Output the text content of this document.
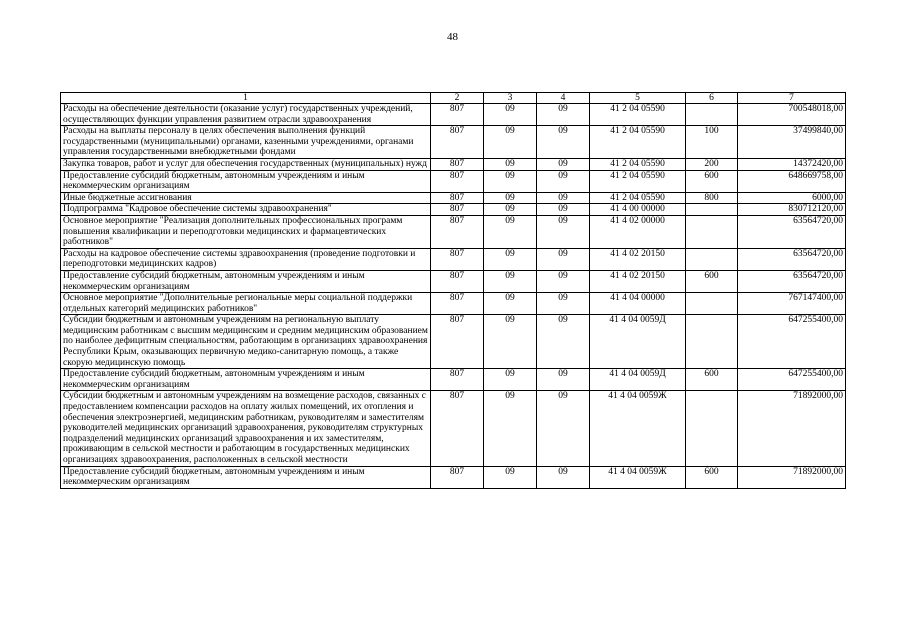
48
1	2	3	4	5	6	7
Расходы на обеспечение деятельности (оказание услуг) государственных учреждений, осуществляющих функции управления развитием отрасли здравоохранения	807	09	09	41 2 04 05590		700548018,00
Расходы на выплаты персоналу в целях обеспечения выполнения функций государственными (муниципальными) органами, казенными учреждениями, органами управления государственными внебюджетными фондами	807	09	09	41 2 04 05590	100	37499840,00
Закупка товаров, работ и услуг для обеспечения государственных (муниципальных) нужд	807	09	09	41 2 04 05590	200	14372420,00
Предоставление субсидий бюджетным, автономным учреждениям и иным некоммерческим организациям	807	09	09	41 2 04 05590	600	648669758,00
Иные бюджетные ассигнования	807	09	09	41 2 04 05590	800	6000,00
Подпрограмма "Кадровое обеспечение системы здравоохранения"	807	09	09	41 4 00 00000		830712120,00
Основное мероприятие "Реализация дополнительных профессиональных программ повышения квалификации и переподготовки медицинских и фармацевтических работников"	807	09	09	41 4 02 00000		63564720,00
Расходы на кадровое обеспечение системы здравоохранения (проведение подготовки и переподготовки медицинских кадров)	807	09	09	41 4 02 20150		63564720,00
Предоставление субсидий бюджетным, автономным учреждениям и иным некоммерческим организациям	807	09	09	41 4 02 20150	600	63564720,00
Основное мероприятие "Дополнительные региональные меры социальной поддержки отдельных категорий медицинских работников"	807	09	09	41 4 04 00000		767147400,00
Субсидии бюджетным и автономным учреждениям на региональную выплату медицинским работникам с высшим медицинским и средним медицинским образованием по наиболее дефицитным специальностям, работающим в организациях здравоохранения Республики Крым, оказывающих первичную медико-санитарную помощь, а также скорую медицинскую помощь	807	09	09	41 4 04 0059Д		647255400,00
Предоставление субсидий бюджетным, автономным учреждениям и иным некоммерческим организациям	807	09	09	41 4 04 0059Д	600	647255400,00
Субсидии бюджетным и автономным учреждениям на возмещение расходов, связанных с предоставлением компенсации расходов на оплату жилых помещений, их отопления и обеспечения электроэнергией, медицинским работникам, руководителям и заместителям руководителей медицинских организаций здравоохранения, руководителям структурных подразделений медицинских организаций здравоохранения и их заместителям, проживающим в сельской местности и работающим в государственных медицинских организациях здравоохранения, расположенных в сельской местности	807	09	09	41 4 04 0059Ж		71892000,00
Предоставление субсидий бюджетным, автономным учреждениям и иным некоммерческим организациям	807	09	09	41 4 04 0059Ж	600	71892000,00
